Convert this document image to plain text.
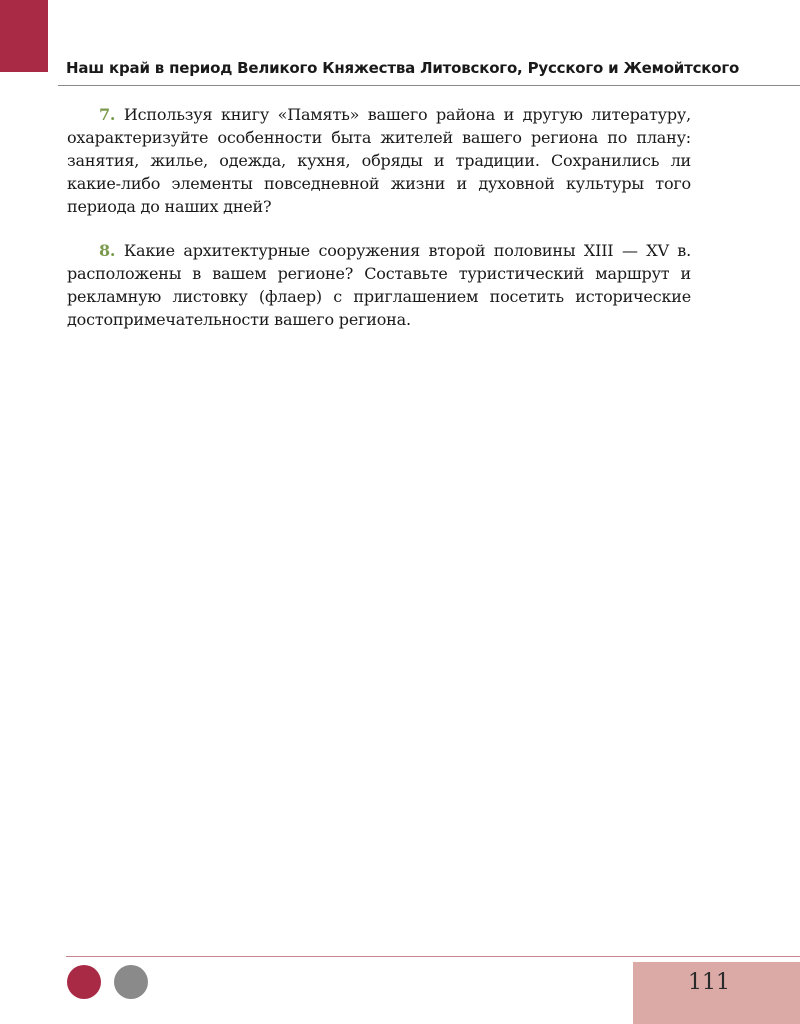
Наш край в период Великого Княжества Литовского, Русского и Жемойтского

7. Используя книгу «Память» вашего района и другую литературу, охарактеризуйте особенности быта жителей вашего региона по плану: занятия, жилье, одежда, кухня, обряды и традиции. Сохранились ли какие-либо элементы повседневной жизни и духовной культуры того периода до наших дней?

8. Какие архитектурные сооружения второй половины XIII — XV в. расположены в вашем регионе? Составьте туристический маршрут и рекламную листовку (флаер) с приглашением посетить исторические достопримечательности вашего региона.

111
